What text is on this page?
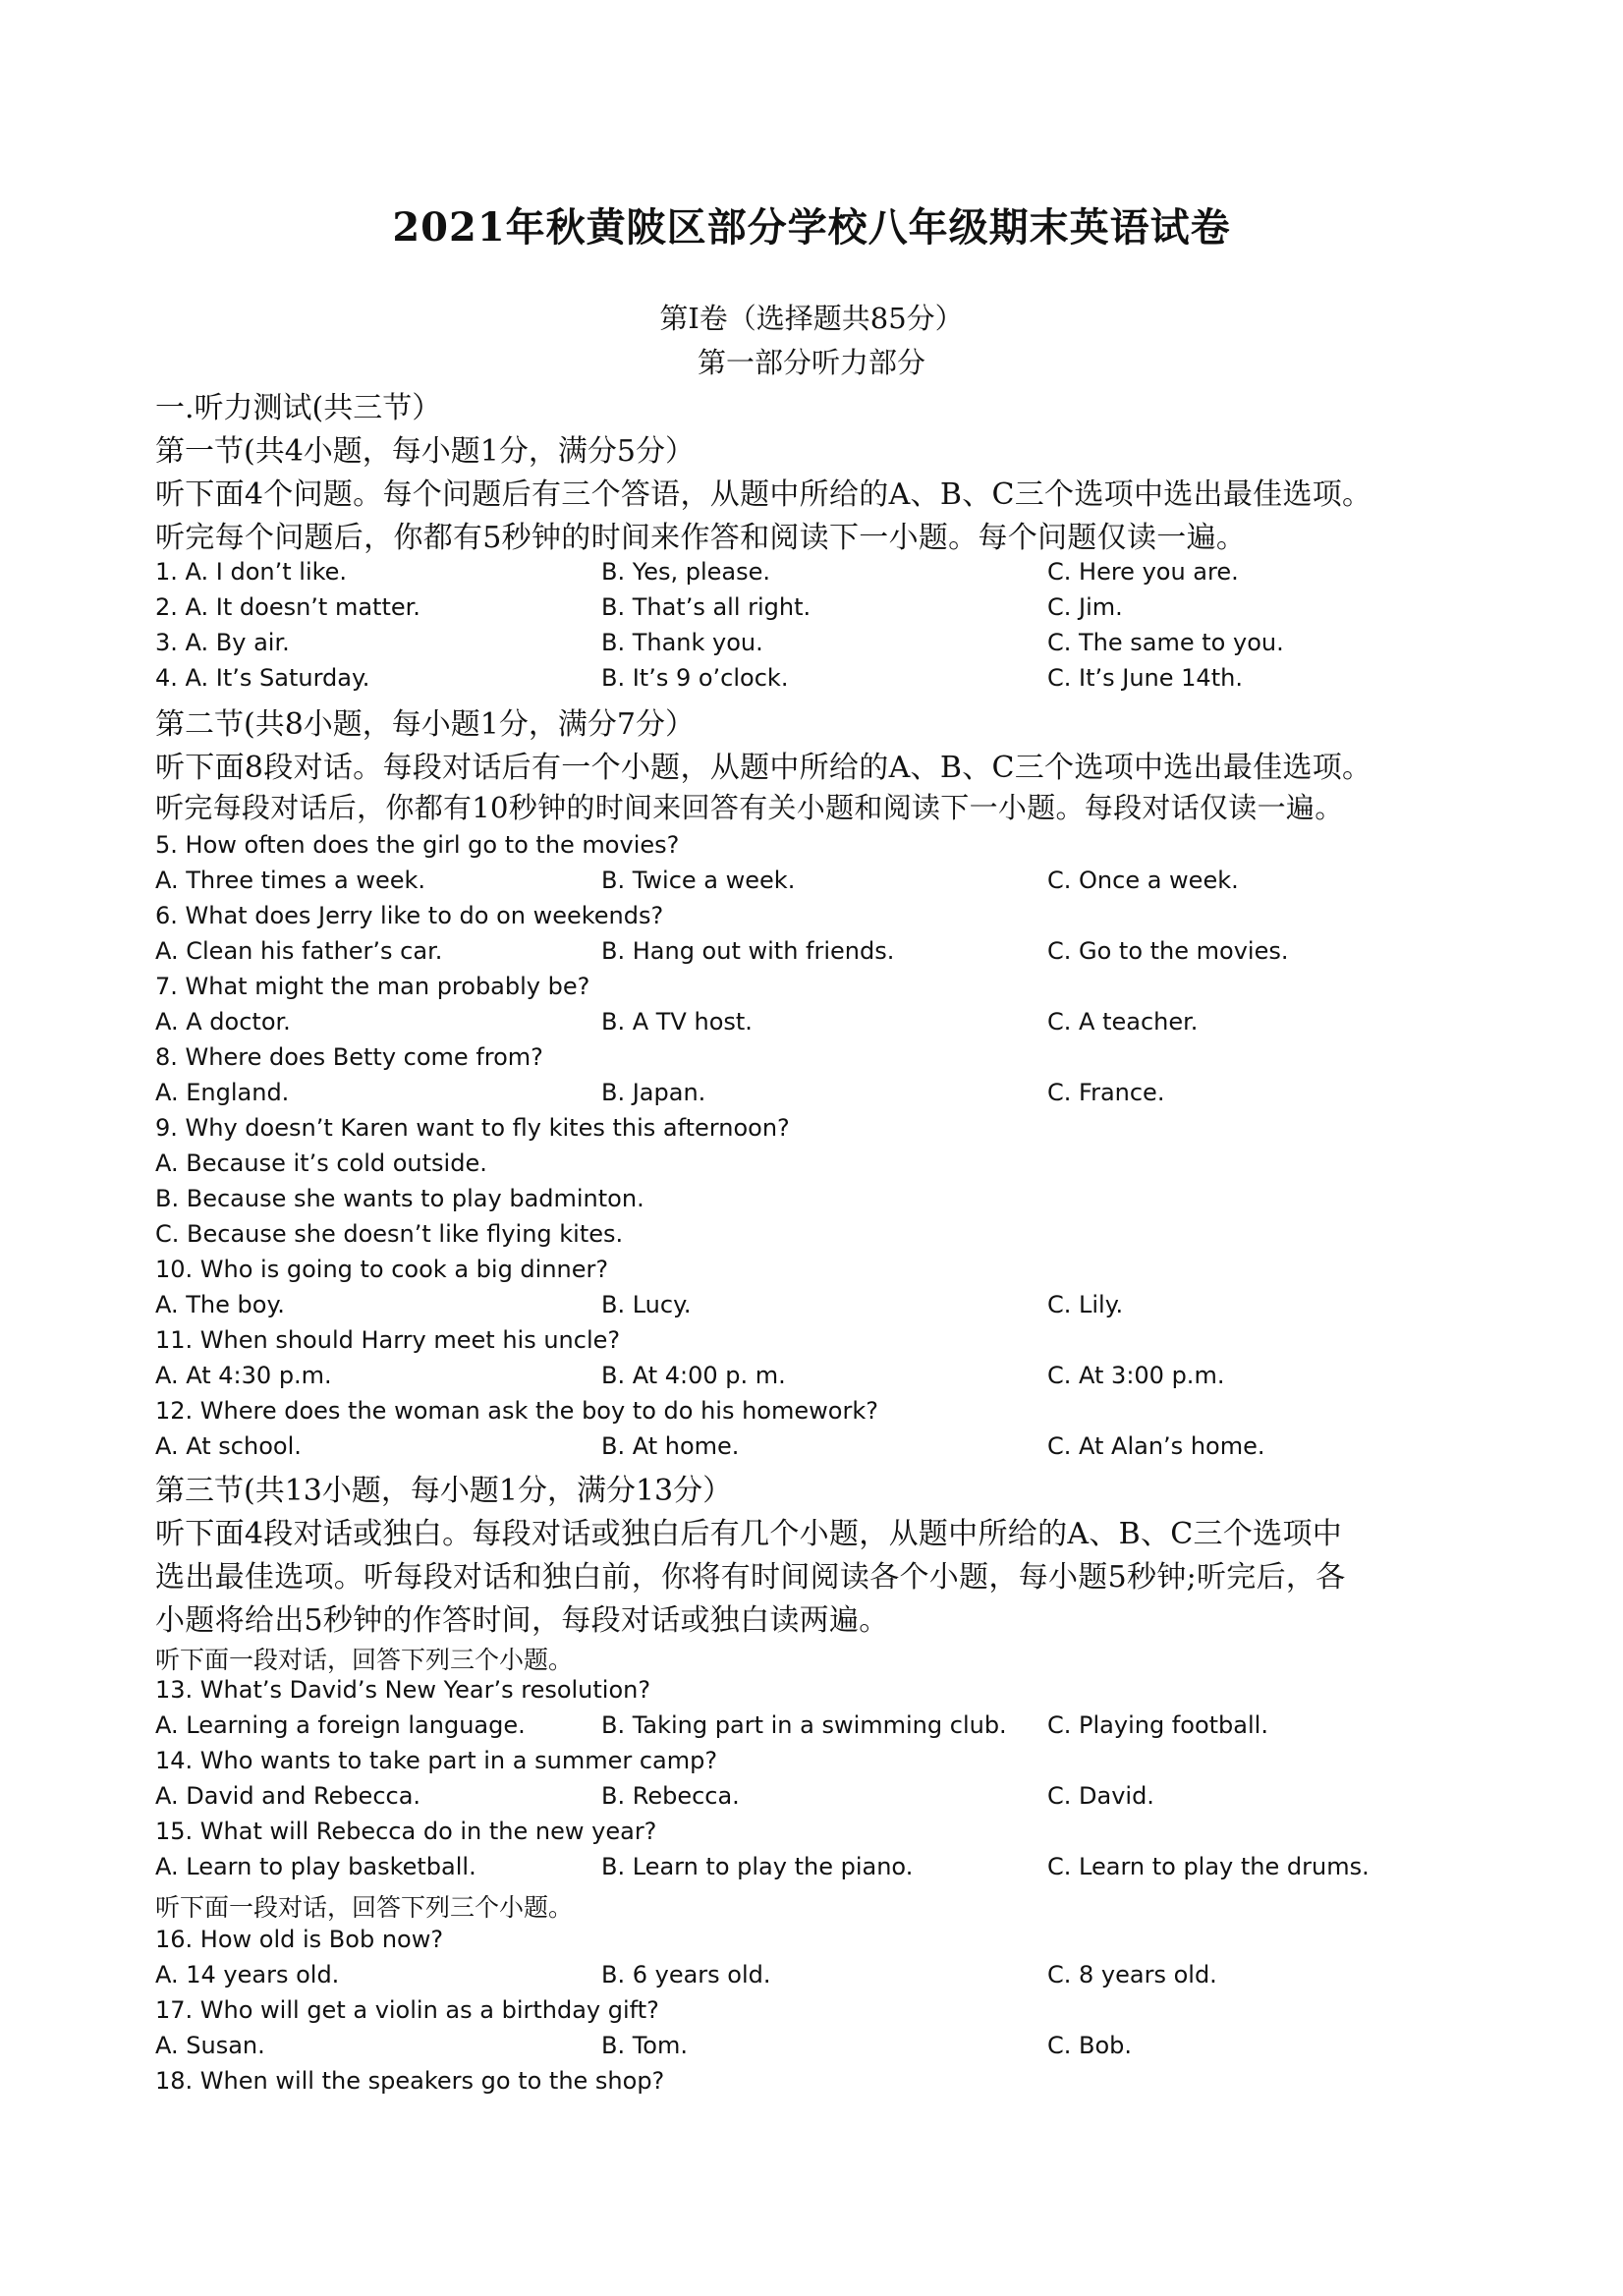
2021年秋黄陂区部分学校八年级期末英语试卷
第Ⅰ卷（选择题共85分）
第一部分听力部分
一.听力测试(共三节）
第一节(共4小题，每小题1分，满分5分）
听下面4个问题。每个问题后有三个答语，从题中所给的A、B、C三个选项中选出最佳选项。
听完每个问题后，你都有5秒钟的时间来作答和阅读下一小题。每个问题仅读一遍。
1. A. I don’t like.	B. Yes, please.	C. Here you are.
2. A. It doesn’t matter.	B. That’s all right.	C. Jim.
3. A. By air.	B. Thank you.	C. The same to you.
4. A. It’s Saturday.	B. It’s 9 o’clock.	C. It’s June 14th.
第二节(共8小题，每小题1分，满分7分）
听下面8段对话。每段对话后有一个小题，从题中所给的A、B、C三个选项中选出最佳选项。
听完每段对话后，你都有10秒钟的时间来回答有关小题和阅读下一小题。每段对话仅读一遍。
5. How often does the girl go to the movies?
A. Three times a week.	B. Twice a week.	C. Once a week.
6. What does Jerry like to do on weekends?
A. Clean his father’s car.	B. Hang out with friends.	C. Go to the movies.
7. What might the man probably be?
A. A doctor.	B. A TV host.	C. A teacher.
8. Where does Betty come from?
A. England.	B. Japan.	C. France.
9. Why doesn’t Karen want to fly kites this afternoon?
A. Because it’s cold outside.
B. Because she wants to play badminton.
C. Because she doesn’t like flying kites.
10. Who is going to cook a big dinner?
A. The boy.	B. Lucy.	C. Lily.
11. When should Harry meet his uncle?
A. At 4:30 p.m.	B. At 4:00 p. m.	C. At 3:00 p.m.
12. Where does the woman ask the boy to do his homework?
A. At school.	B. At home.	C. At Alan’s home.
第三节(共13小题，每小题1分，满分13分）
听下面4段对话或独白。每段对话或独白后有几个小题，从题中所给的A、B、C三个选项中
选出最佳选项。听每段对话和独白前，你将有时间阅读各个小题，每小题5秒钟;听完后，各
小题将给出5秒钟的作答时间，每段对话或独白读两遍。
听下面一段对话，回答下列三个小题。
13. What’s David’s New Year’s resolution?
A. Learning a foreign language.	B. Taking part in a swimming club. C. Playing football.
14. Who wants to take part in a summer camp?
A. David and Rebecca.	B. Rebecca.	C. David.
15. What will Rebecca do in the new year?
A. Learn to play basketball.	B. Learn to play the piano.	C. Learn to play the drums.
听下面一段对话，回答下列三个小题。
16. How old is Bob now?
A. 14 years old.	B. 6 years old.	C. 8 years old.
17. Who will get a violin as a birthday gift?
A. Susan.	B. Tom.	C. Bob.
18. When will the speakers go to the shop?
